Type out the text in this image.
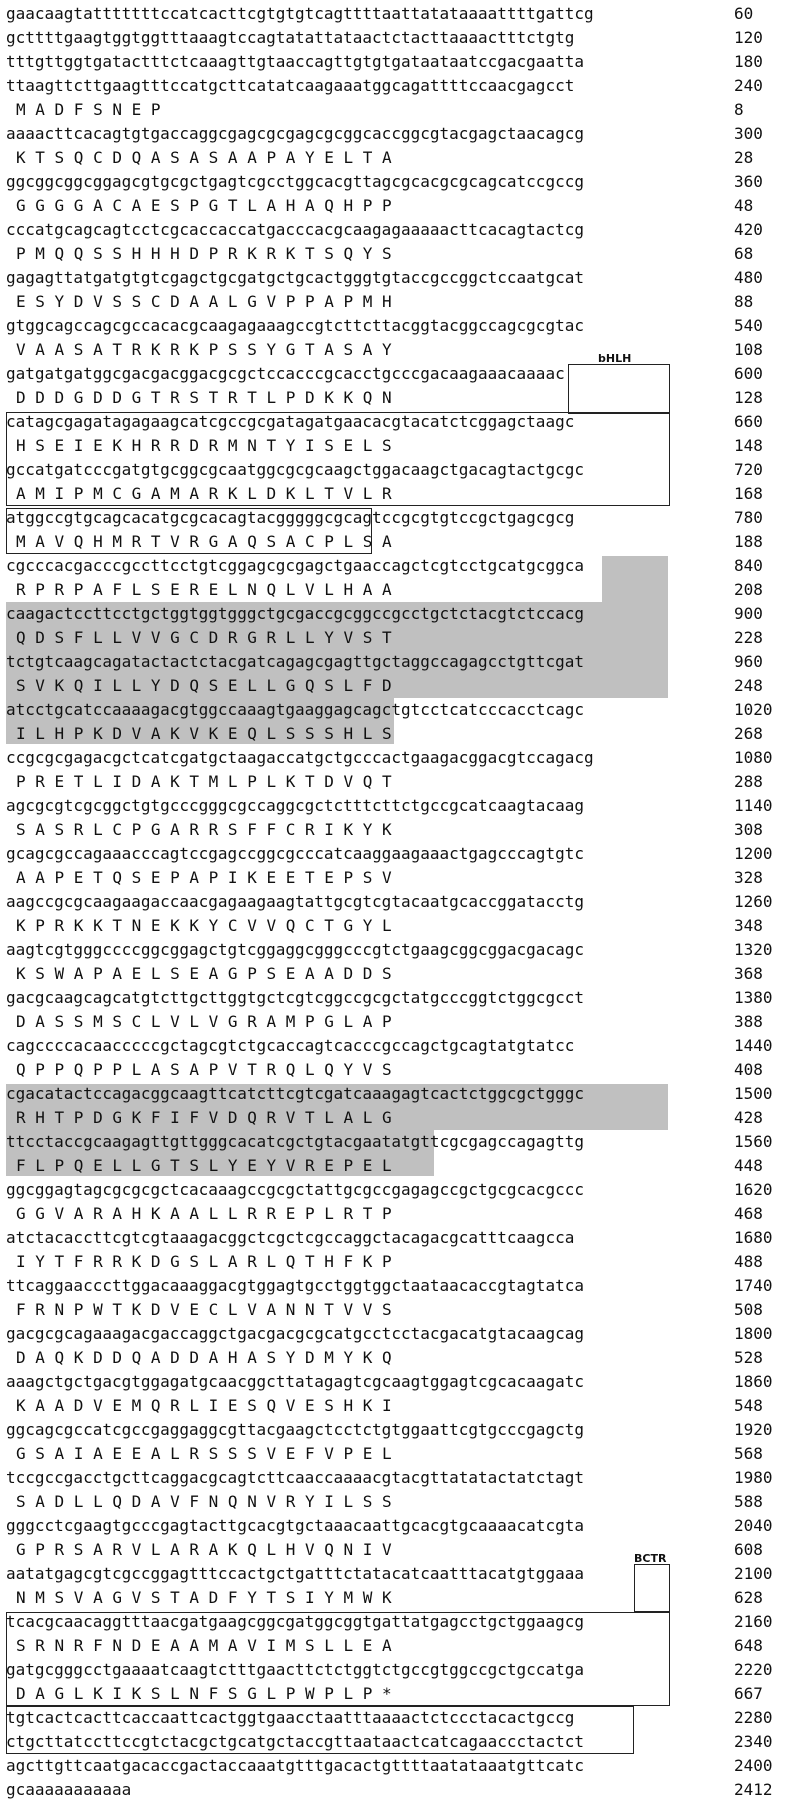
gaacaagtatttttttccatcacttcgtgtgtcagttttaattatataaaattttgattcg	60
gcttttgaagtggtggtttaaagtccagtatattataactctacttaaaactttctgtg	120
tttgttggtgatactttctcaaagttgtaaccagttgtgtgataataatccgacgaatta	180
ttaagttcttgaagtttccatgcttcatatcaagaaatggcagattttccaacgagcct	240
M A D F S N E P	8
aaaacttcacagtgtgaccaggcgagcgcgagcgcggcaccggcgtacgagctaacagcg	300
K T S Q C D Q A S A S A A P A Y E L T A	28
ggcggcggcggagcgtgcgctgagtcgcctggcacgttagcgcacgcgcagcatccgccg	360
G G G G A C A E S P G T L A H A Q H P P	48
cccatgcagcagtcctcgcaccaccatgacccacgcaagagaaaaacttcacagtactcg	420
P M Q Q S S H H H D P R K R K T S Q Y S	68
gagagttatgatgtgtcgagctgcgatgctgcactgggtgtaccgccggctccaatgcat	480
E S Y D V S S C D A A L G V P P A P M H	88
gtggcagccagcgccacacgcaagagaaagccgtcttcttacggtacggccagcgcgtac	540
V A A S A T R K R K P S S Y G T A S A Y	108
gatgatgatggcgacgacggacgcgctccacccgcacctgcccgacaagaaacaaaac	600
D D D G D D G T R S T R T L P D K K Q N	128
catagcgagatagagaagcatcgccgcgatagatgaacacgtacatctcggagctaagc	660
H S E I E K H R R D R M N T Y I S E L S	148
gccatgatcccgatgtgcggcgcaatggcgcgcaagctggacaagctgacagtactgcgc	720
A M I P M C G A M A R K L D K L T V L R	168
atggccgtgcagcacatgcgcacagtacgggggcgcagtccgcgtgtccgctgagcgcg	780
M A V Q H M R T V R G A Q S A C P L S A	188
cgcccacgacccgccttcctgtcggagcgcgagctgaaccagctcgtcctgcatgcggca	840
R P R P A F L S E R E L N Q L V L H A A	208
caagactccttcctgctggtggtgggctgcgaccgcggccgcctgctctacgtctccacg	900
Q D S F L L V V G C D R G R L L Y V S T	228
tctgtcaagcagatactactctacgatcagagcgagttgctaggccagagcctgttcgat	960
S V K Q I L L Y D Q S E L L G Q S L F D	248
atcctgcatccaaaagacgtggccaaagtgaaggagcagctgtcctcatcccacctcagc	1020
I L H P K D V A K V K E Q L S S S H L S	268
ccgcgcgagacgctcatcgatgctaagaccatgctgcccactgaagacggacgtccagacg	1080
P R E T L I D A K T M L P L K T D V Q T	288
agcgcgtcgcggctgtgcccgggcgccaggcgctctttcttctgccgcatcaagtacaag	1140
S A S R L C P G A R R S F F C R I K Y K	308
gcagcgccagaaacccagtccgagccggcgcccatcaaggaagaaactgagcccagtgtc	1200
A A P E T Q S E P A P I K E E T E P S V	328
aagccgcgcaagaagaccaacgagaagaagtattgcgtcgtacaatgcaccggatacctg	1260
K P R K K T N E K K Y C V V Q C T G Y L	348
aagtcgtgggccccggcggagctgtcggaggcgggcccgtctgaagcggcggacgacagc	1320
K S W A P A E L S E A G P S E A A D D S	368
gacgcaagcagcatgtcttgcttggtgctcgtcggccgcgctatgcccggtctggcgcct	1380
D A S S M S C L V L V G R A M P G L A P	388
cagccccacaacccccgctagcgtctgcaccagtcacccgccagctgcagtatgtatcc	1440
Q P P Q P P L A S A P V T R Q L Q Y V S	408
cgacatactccagacggcaagttcatcttcgtcgatcaaagagtcactctggcgctgggc	1500
R H T P D G K F I F V D Q R V T L A L G	428
ttcctaccgcaagagttgttgggcacatcgctgtacgaatatgttcgcgagccagagttg	1560
F L P Q E L L G T S L Y E Y V R E P E L	448
ggcggagtagcgcgcgctcacaaagccgcgctattgcgccgagagccgctgcgcacgccc	1620
G G V A R A H K A A L L R R E P L R T P	468
atctacaccttcgtcgtaaagacggctcgctcgccaggctacagacgcatttcaagcca	1680
I Y T F R R K D G S L A R L Q T H F K P	488
ttcaggaacccttggacaaaggacgtggagtgcctggtggctaataacaccgtagtatca	1740
F R N P W T K D V E C L V A N N T V V S	508
gacgcgcagaaagacgaccaggctgacgacgcgcatgcctcctacgacatgtacaagcag	1800
D A Q K D D Q A D D A H A S Y D M Y K Q	528
aaagctgctgacgtggagatgcaacggcttatagagtcgcaagtggagtcgcacaagatc	1860
K A A D V E M Q R L I E S Q V E S H K I	548
ggcagcgccatcgccgaggaggcgttacgaagctcctctgtggaattcgtgcccgagctg	1920
G S A I A E E A L R S S S V E F V P E L	568
tccgccgacctgcttcaggacgcagtcttcaaccaaaacgtacgttatatactatctagt	1980
S A D L L Q D A V F N Q N V R Y I L S S	588
gggcctcgaagtgcccgagtacttgcacgtgctaaacaattgcacgtgcaaaacatcgta	2040
G P R S A R V L A R A K Q L H V Q N I V	608
aatatgagcgtcgccggagtttccactgctgatttctatacatcaatttacatgtggaaa	2100
N M S V A G V S T A D F Y T S I Y M W K	628
tcacgcaacaggtttaacgatgaagcggcgatggcggtgattatgagcctgctggaagcg	2160
S R N R F N D E A A M A V I M S L L E A	648
gatgcgggcctgaaaatcaagtctttgaacttctctggtctgccgtggccgctgccatga	2220
D A G L K I K S L N F S G L P W P L P *	667
tgtcactcacttcaccaattcactggtgaacctaatttaaaactctccctacactgccg	2280
ctgcttatccttccgtctacgctgcatgctaccgttaataactcatcagaaccctactct	2340
agcttgttcaatgacaccgactaccaaatgtttgacactgttttaatataaatgttcatc	2400
gcaaaaaaaaaaa	2412
bHLH
BCTR
